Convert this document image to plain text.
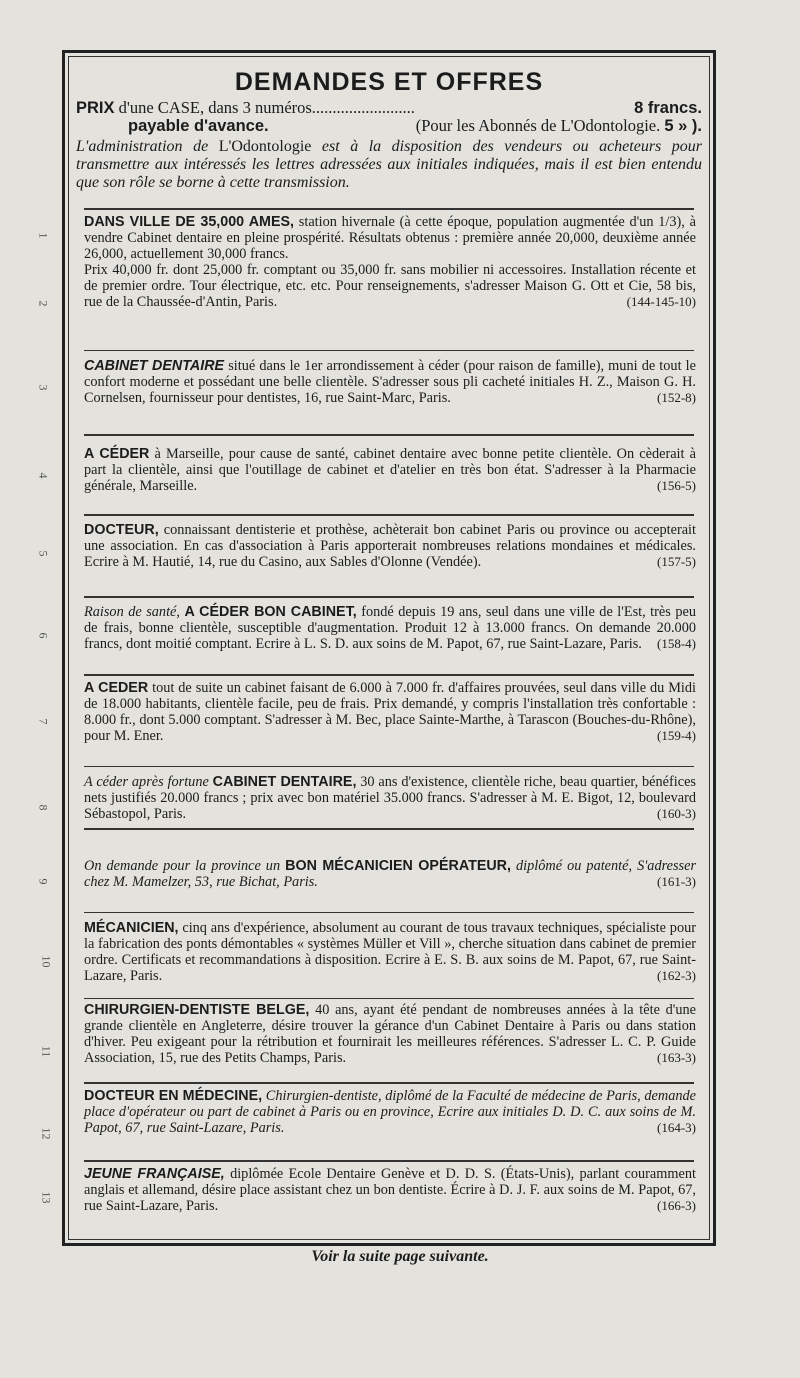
1
2
3
4
5
6
7
8
9
10
11
12
13
DEMANDES ET OFFRES
PRIX d'une CASE, dans 3 numéros.........................	8 francs.
payable d'avance.	(Pour les Abonnés de L'Odontologie. 5 » ).
L'administration de L'Odontologie est à la disposition des vendeurs ou acheteurs pour transmettre aux intéressés les lettres adressées aux initiales indiquées, mais il est bien entendu que son rôle se borne à cette transmission.

DANS VILLE DE 35,000 AMES, station hivernale (à cette époque, population augmentée d'un 1/3), à vendre Cabinet dentaire en pleine prospérité. Résultats obtenus : première année 20,000, deuxième année 26,000, actuellement 30,000 francs.

Prix 40,000 fr. dont 25,000 fr. comptant ou 35,000 fr. sans mobilier ni accessoires. Installation récente et de premier ordre. Tour électrique, etc. etc. Pour renseignements, s'adresser Maison G. Ott et Cie, 58 bis, rue de la Chaussée-d'Antin, Paris.	(144-145-10)

CABINET DENTAIRE situé dans le 1er arrondissement à céder (pour raison de famille), muni de tout le confort moderne et possédant une belle clientèle. S'adresser sous pli cacheté initiales H. Z., Maison G. H. Cornelsen, fournisseur pour dentistes, 16, rue Saint-Marc, Paris.	(152-8)

A CÉDER à Marseille, pour cause de santé, cabinet dentaire avec bonne petite clientèle. On cèderait à part la clientèle, ainsi que l'outillage de cabinet et d'atelier en très bon état. S'adresser à la Pharmacie générale, Marseille.	(156-5)

DOCTEUR, connaissant dentisterie et prothèse, achèterait bon cabinet Paris ou province ou accepterait une association. En cas d'association à Paris apporterait nombreuses relations mondaines et médicales. Ecrire à M. Hautié, 14, rue du Casino, aux Sables d'Olonne (Vendée).	(157-5)

Raison de santé, A CÉDER BON CABINET, fondé depuis 19 ans, seul dans une ville de l'Est, très peu de frais, bonne clientèle, susceptible d'augmentation. Produit 12 à 13.000 francs. On demande 20.000 francs, dont moitié comptant. Ecrire à L. S. D. aux soins de M. Papot, 67, rue Saint-Lazare, Paris. (158-4)

A CEDER tout de suite un cabinet faisant de 6.000 à 7.000 fr. d'affaires prouvées, seul dans ville du Midi de 18.000 habitants, clientèle facile, peu de frais. Prix demandé, y compris l'installation très confortable : 8.000 fr., dont 5.000 comptant. S'adresser à M. Bec, place Sainte-Marthe, à Tarascon (Bouches-du-Rhône), pour M. Ener.	(159-4)

A céder après fortune CABINET DENTAIRE, 30 ans d'existence, clientèle riche, beau quartier, bénéfices nets justifiés 20.000 francs ; prix avec bon matériel 35.000 francs. S'adresser à M. E. Bigot, 12, boulevard Sébastopol, Paris.	(160-3)

On demande pour la province un BON MÉCANICIEN OPÉRATEUR, diplômé ou patenté, S'adresser chez M. Mamelzer, 53, rue Bichat, Paris.	(161-3)

MÉCANICIEN, cinq ans d'expérience, absolument au courant de tous travaux techniques, spécialiste pour la fabrication des ponts démontables « systèmes Müller et Vill », cherche situation dans cabinet de premier ordre. Certificats et recommandations à disposition. Ecrire à E. S. B. aux soins de M. Papot, 67, rue Saint-Lazare, Paris.	(162-3)

CHIRURGIEN-DENTISTE BELGE, 40 ans, ayant été pendant de nombreuses années à la tête d'une grande clientèle en Angleterre, désire trouver la gérance d'un Cabinet Dentaire à Paris ou dans station d'hiver. Peu exigeant pour la rétribution et fournirait les meilleures références. S'adresser L. C. P. Guide Association, 15, rue des Petits Champs, Paris.	(163-3)

DOCTEUR EN MÉDECINE, Chirurgien-dentiste, diplômé de la Faculté de médecine de Paris, demande place d'opérateur ou part de cabinet à Paris ou en province, Ecrire aux initiales D. D. C. aux soins de M. Papot, 67, rue Saint-Lazare, Paris.	(164-3)

JEUNE FRANÇAISE, diplômée Ecole Dentaire Genève et D. D. S. (États-Unis), parlant couramment anglais et allemand, désire place assistant chez un bon dentiste. Écrire à D. J. F. aux soins de M. Papot, 67, rue Saint-Lazare, Paris.	(166-3)

Voir la suite page suivante.
